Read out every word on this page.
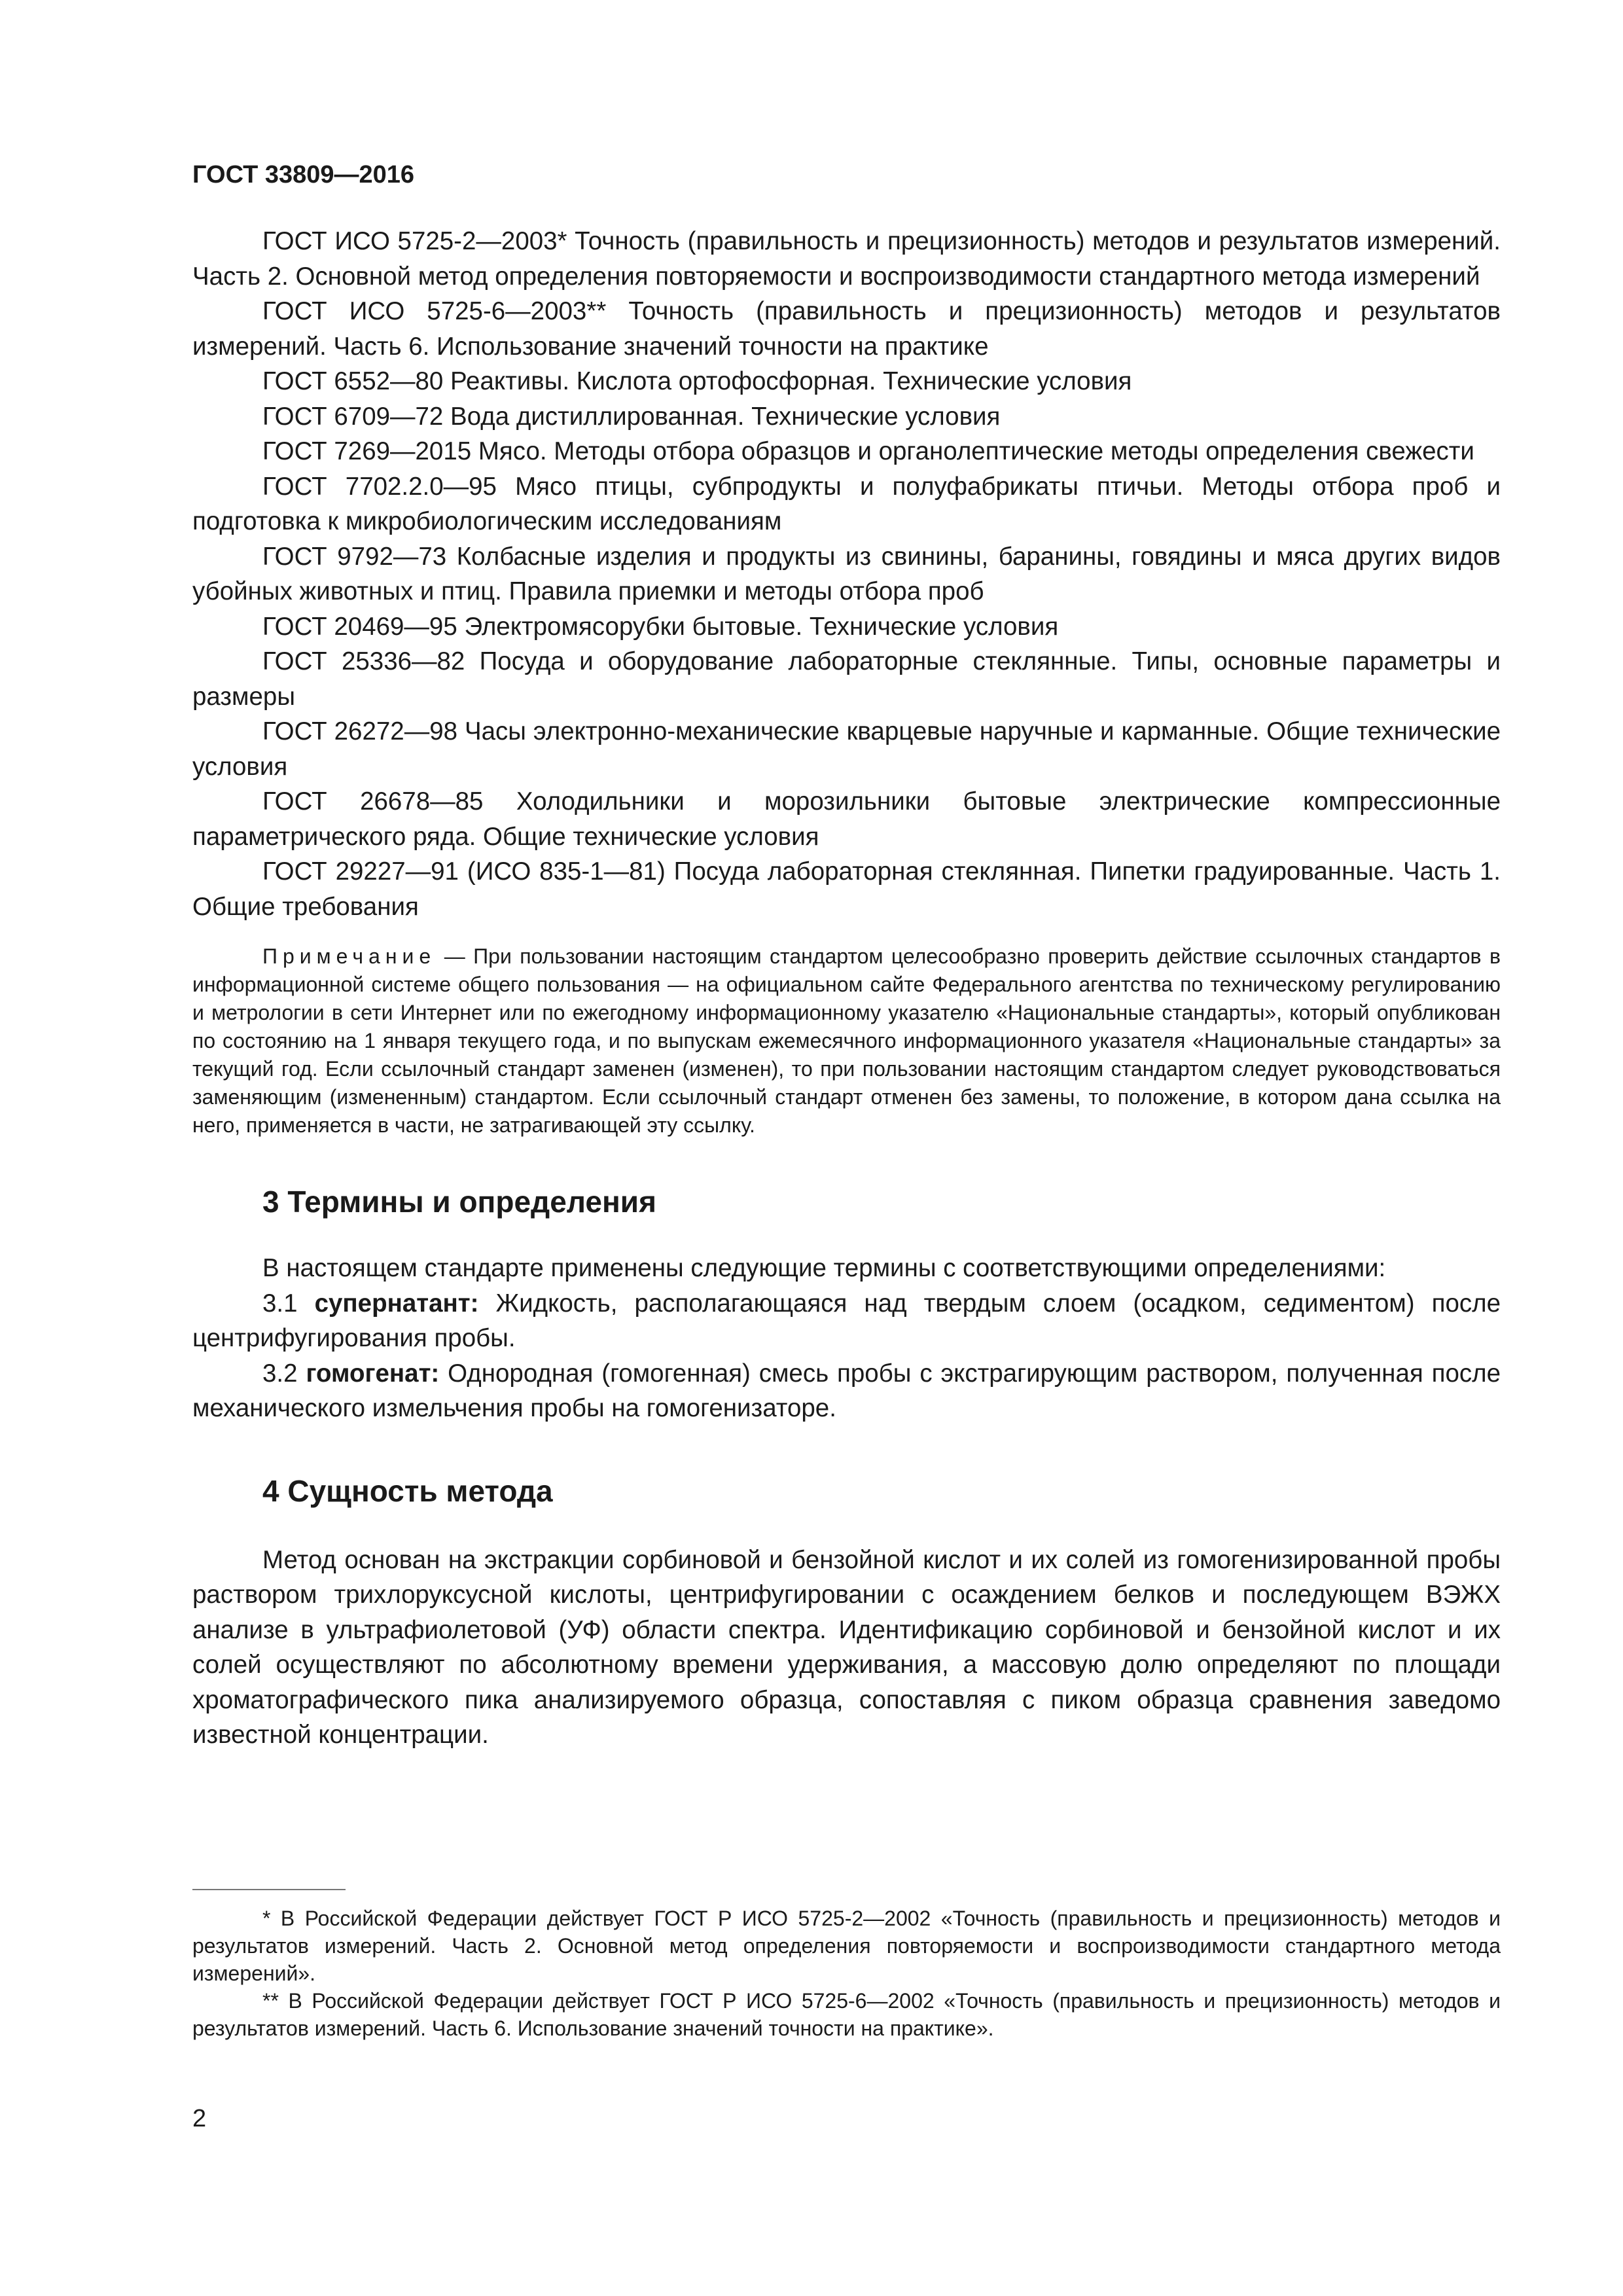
ГОСТ 33809—2016

ГОСТ ИСО 5725-2—2003* Точность (правильность и прецизионность) методов и результатов измерений. Часть 2. Основной метод определения повторяемости и воспроизводимости стандартного метода измерений

ГОСТ ИСО 5725-6—2003** Точность (правильность и прецизионность) методов и результатов измерений. Часть 6. Использование значений точности на практике

ГОСТ 6552—80 Реактивы. Кислота ортофосфорная. Технические условия

ГОСТ 6709—72 Вода дистиллированная. Технические условия

ГОСТ 7269—2015 Мясо. Методы отбора образцов и органолептические методы определения свежести

ГОСТ 7702.2.0—95 Мясо птицы, субпродукты и полуфабрикаты птичьи. Методы отбора проб и подготовка к микробиологическим исследованиям

ГОСТ 9792—73 Колбасные изделия и продукты из свинины, баранины, говядины и мяса других видов убойных животных и птиц. Правила приемки и методы отбора проб

ГОСТ 20469—95 Электромясорубки бытовые. Технические условия

ГОСТ 25336—82 Посуда и оборудование лабораторные стеклянные. Типы, основные параметры и размеры

ГОСТ 26272—98 Часы электронно-механические кварцевые наручные и карманные. Общие технические условия

ГОСТ 26678—85 Холодильники и морозильники бытовые электрические компрессионные параметрического ряда. Общие технические условия

ГОСТ 29227—91 (ИСО 835-1—81) Посуда лабораторная стеклянная. Пипетки градуированные. Часть 1. Общие требования

Примечание — При пользовании настоящим стандартом целесообразно проверить действие ссылочных стандартов в информационной системе общего пользования — на официальном сайте Федерального агентства по техническому регулированию и метрологии в сети Интернет или по ежегодному информационному указателю «Национальные стандарты», который опубликован по состоянию на 1 января текущего года, и по выпускам ежемесячного информационного указателя «Национальные стандарты» за текущий год. Если ссылочный стандарт заменен (изменен), то при пользовании настоящим стандартом следует руководствоваться заменяющим (измененным) стандартом. Если ссылочный стандарт отменен без замены, то положение, в котором дана ссылка на него, применяется в части, не затрагивающей эту ссылку.

3 Термины и определения

В настоящем стандарте применены следующие термины с соответствующими определениями:

3.1 супернатант: Жидкость, располагающаяся над твердым слоем (осадком, седиментом) после центрифугирования пробы.

3.2 гомогенат: Однородная (гомогенная) смесь пробы с экстрагирующим раствором, полученная после механического измельчения пробы на гомогенизаторе.

4 Сущность метода

Метод основан на экстракции сорбиновой и бензойной кислот и их солей из гомогенизированной пробы раствором трихлоруксусной кислоты, центрифугировании с осаждением белков и последующем ВЭЖХ анализе в ультрафиолетовой (УФ) области спектра. Идентификацию сорбиновой и бензойной кислот и их солей осуществляют по абсолютному времени удерживания, а массовую долю определяют по площади хроматографического пика анализируемого образца, сопоставляя с пиком образца сравнения заведомо известной концентрации.

* В Российской Федерации действует ГОСТ Р ИСО 5725-2—2002 «Точность (правильность и прецизионность) методов и результатов измерений. Часть 2. Основной метод определения повторяемости и воспроизводимости стандартного метода измерений».

** В Российской Федерации действует ГОСТ Р ИСО 5725-6—2002 «Точность (правильность и прецизионность) методов и результатов измерений. Часть 6. Использование значений точности на практике».

2
